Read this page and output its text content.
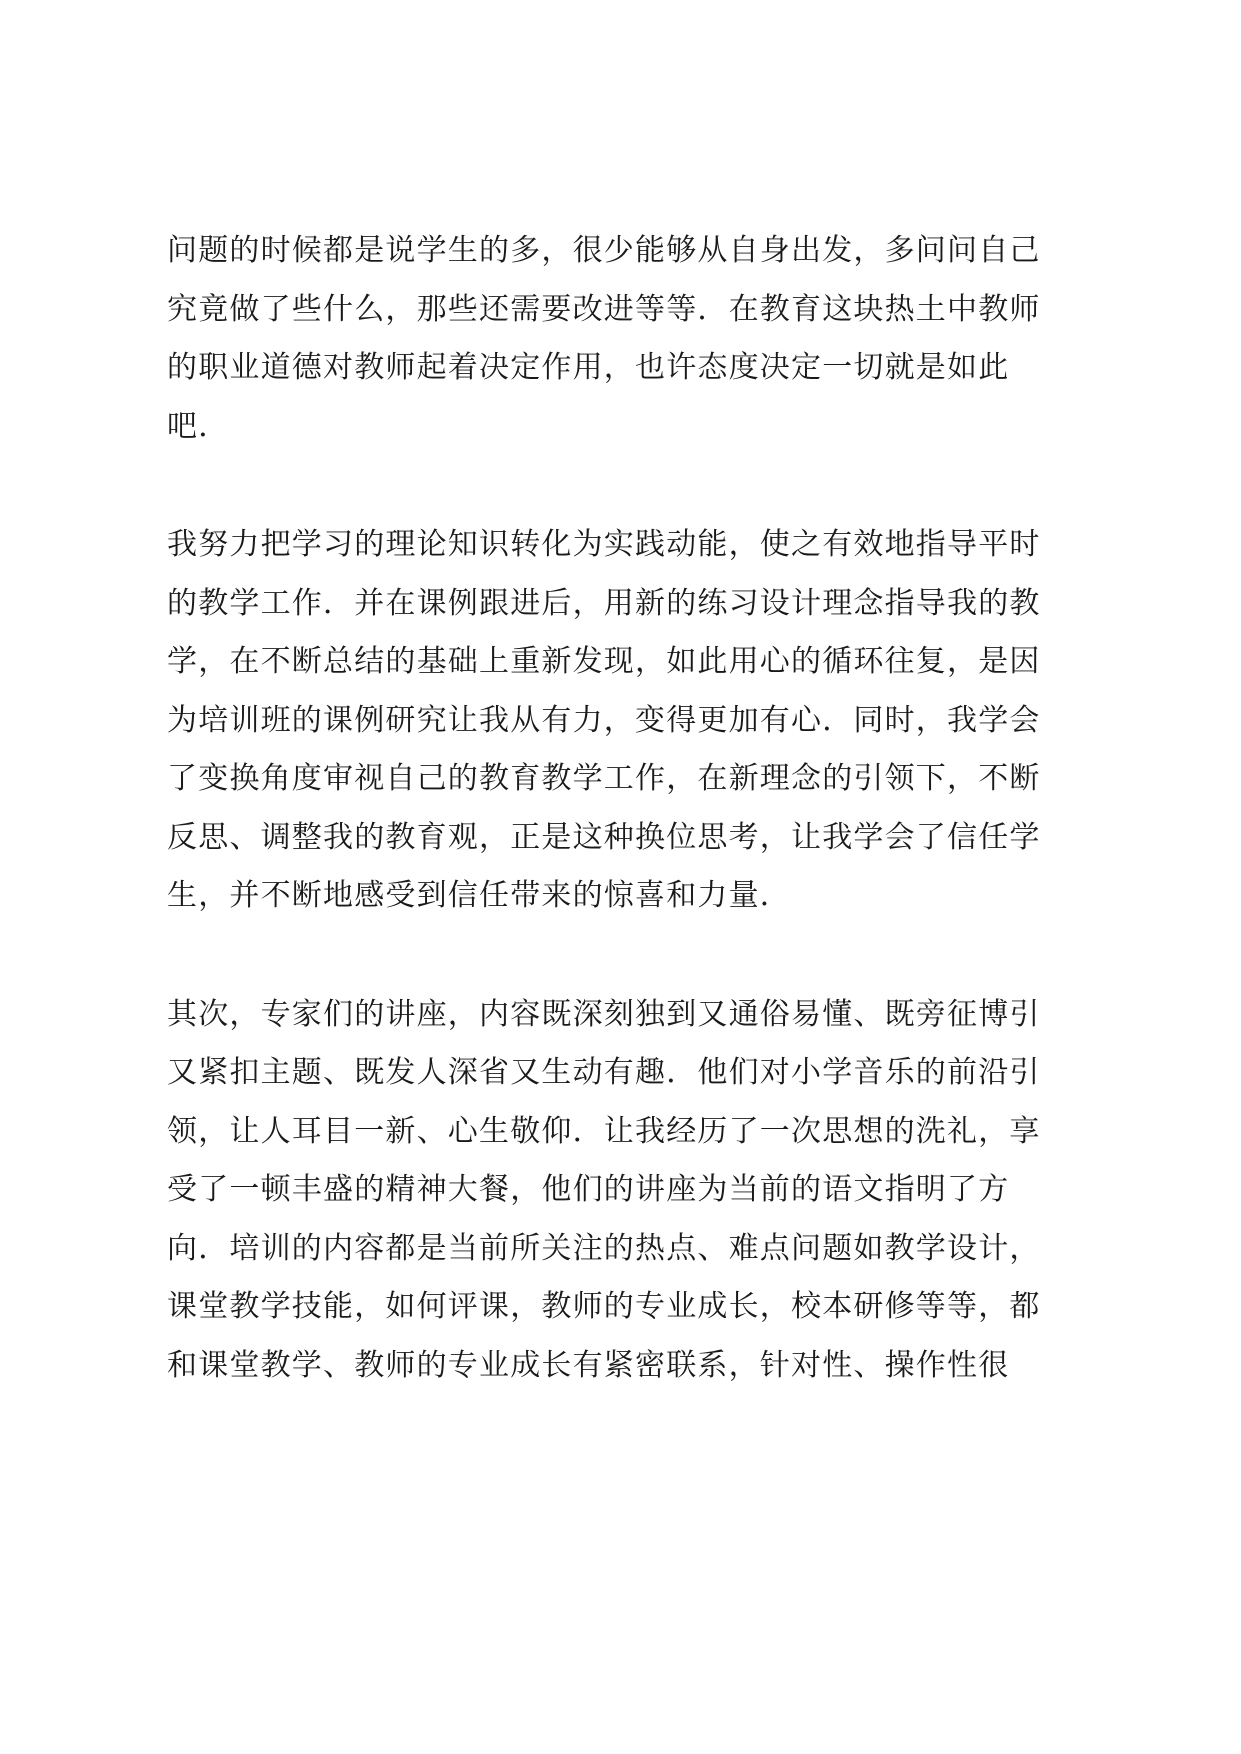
问题的时候都是说学生的多，很少能够从自身出发，多问问自己
究竟做了些什么，那些还需要改进等等．在教育这块热土中教师
的职业道德对教师起着决定作用，也许态度决定一切就是如此
吧．
我努力把学习的理论知识转化为实践动能，使之有效地指导平时
的教学工作．并在课例跟进后，用新的练习设计理念指导我的教
学，在不断总结的基础上重新发现，如此用心的循环往复，是因
为培训班的课例研究让我从有力，变得更加有心．同时，我学会
了变换角度审视自己的教育教学工作，在新理念的引领下，不断
反思、调整我的教育观，正是这种换位思考，让我学会了信任学
生，并不断地感受到信任带来的惊喜和力量．
其次，专家们的讲座，内容既深刻独到又通俗易懂、既旁征博引
又紧扣主题、既发人深省又生动有趣．他们对小学音乐的前沿引
领，让人耳目一新、心生敬仰．让我经历了一次思想的洗礼，享
受了一顿丰盛的精神大餐，他们的讲座为当前的语文指明了方
向．培训的内容都是当前所关注的热点、难点问题如教学设计，
课堂教学技能，如何评课，教师的专业成长，校本研修等等，都
和课堂教学、教师的专业成长有紧密联系，针对性、操作性很
